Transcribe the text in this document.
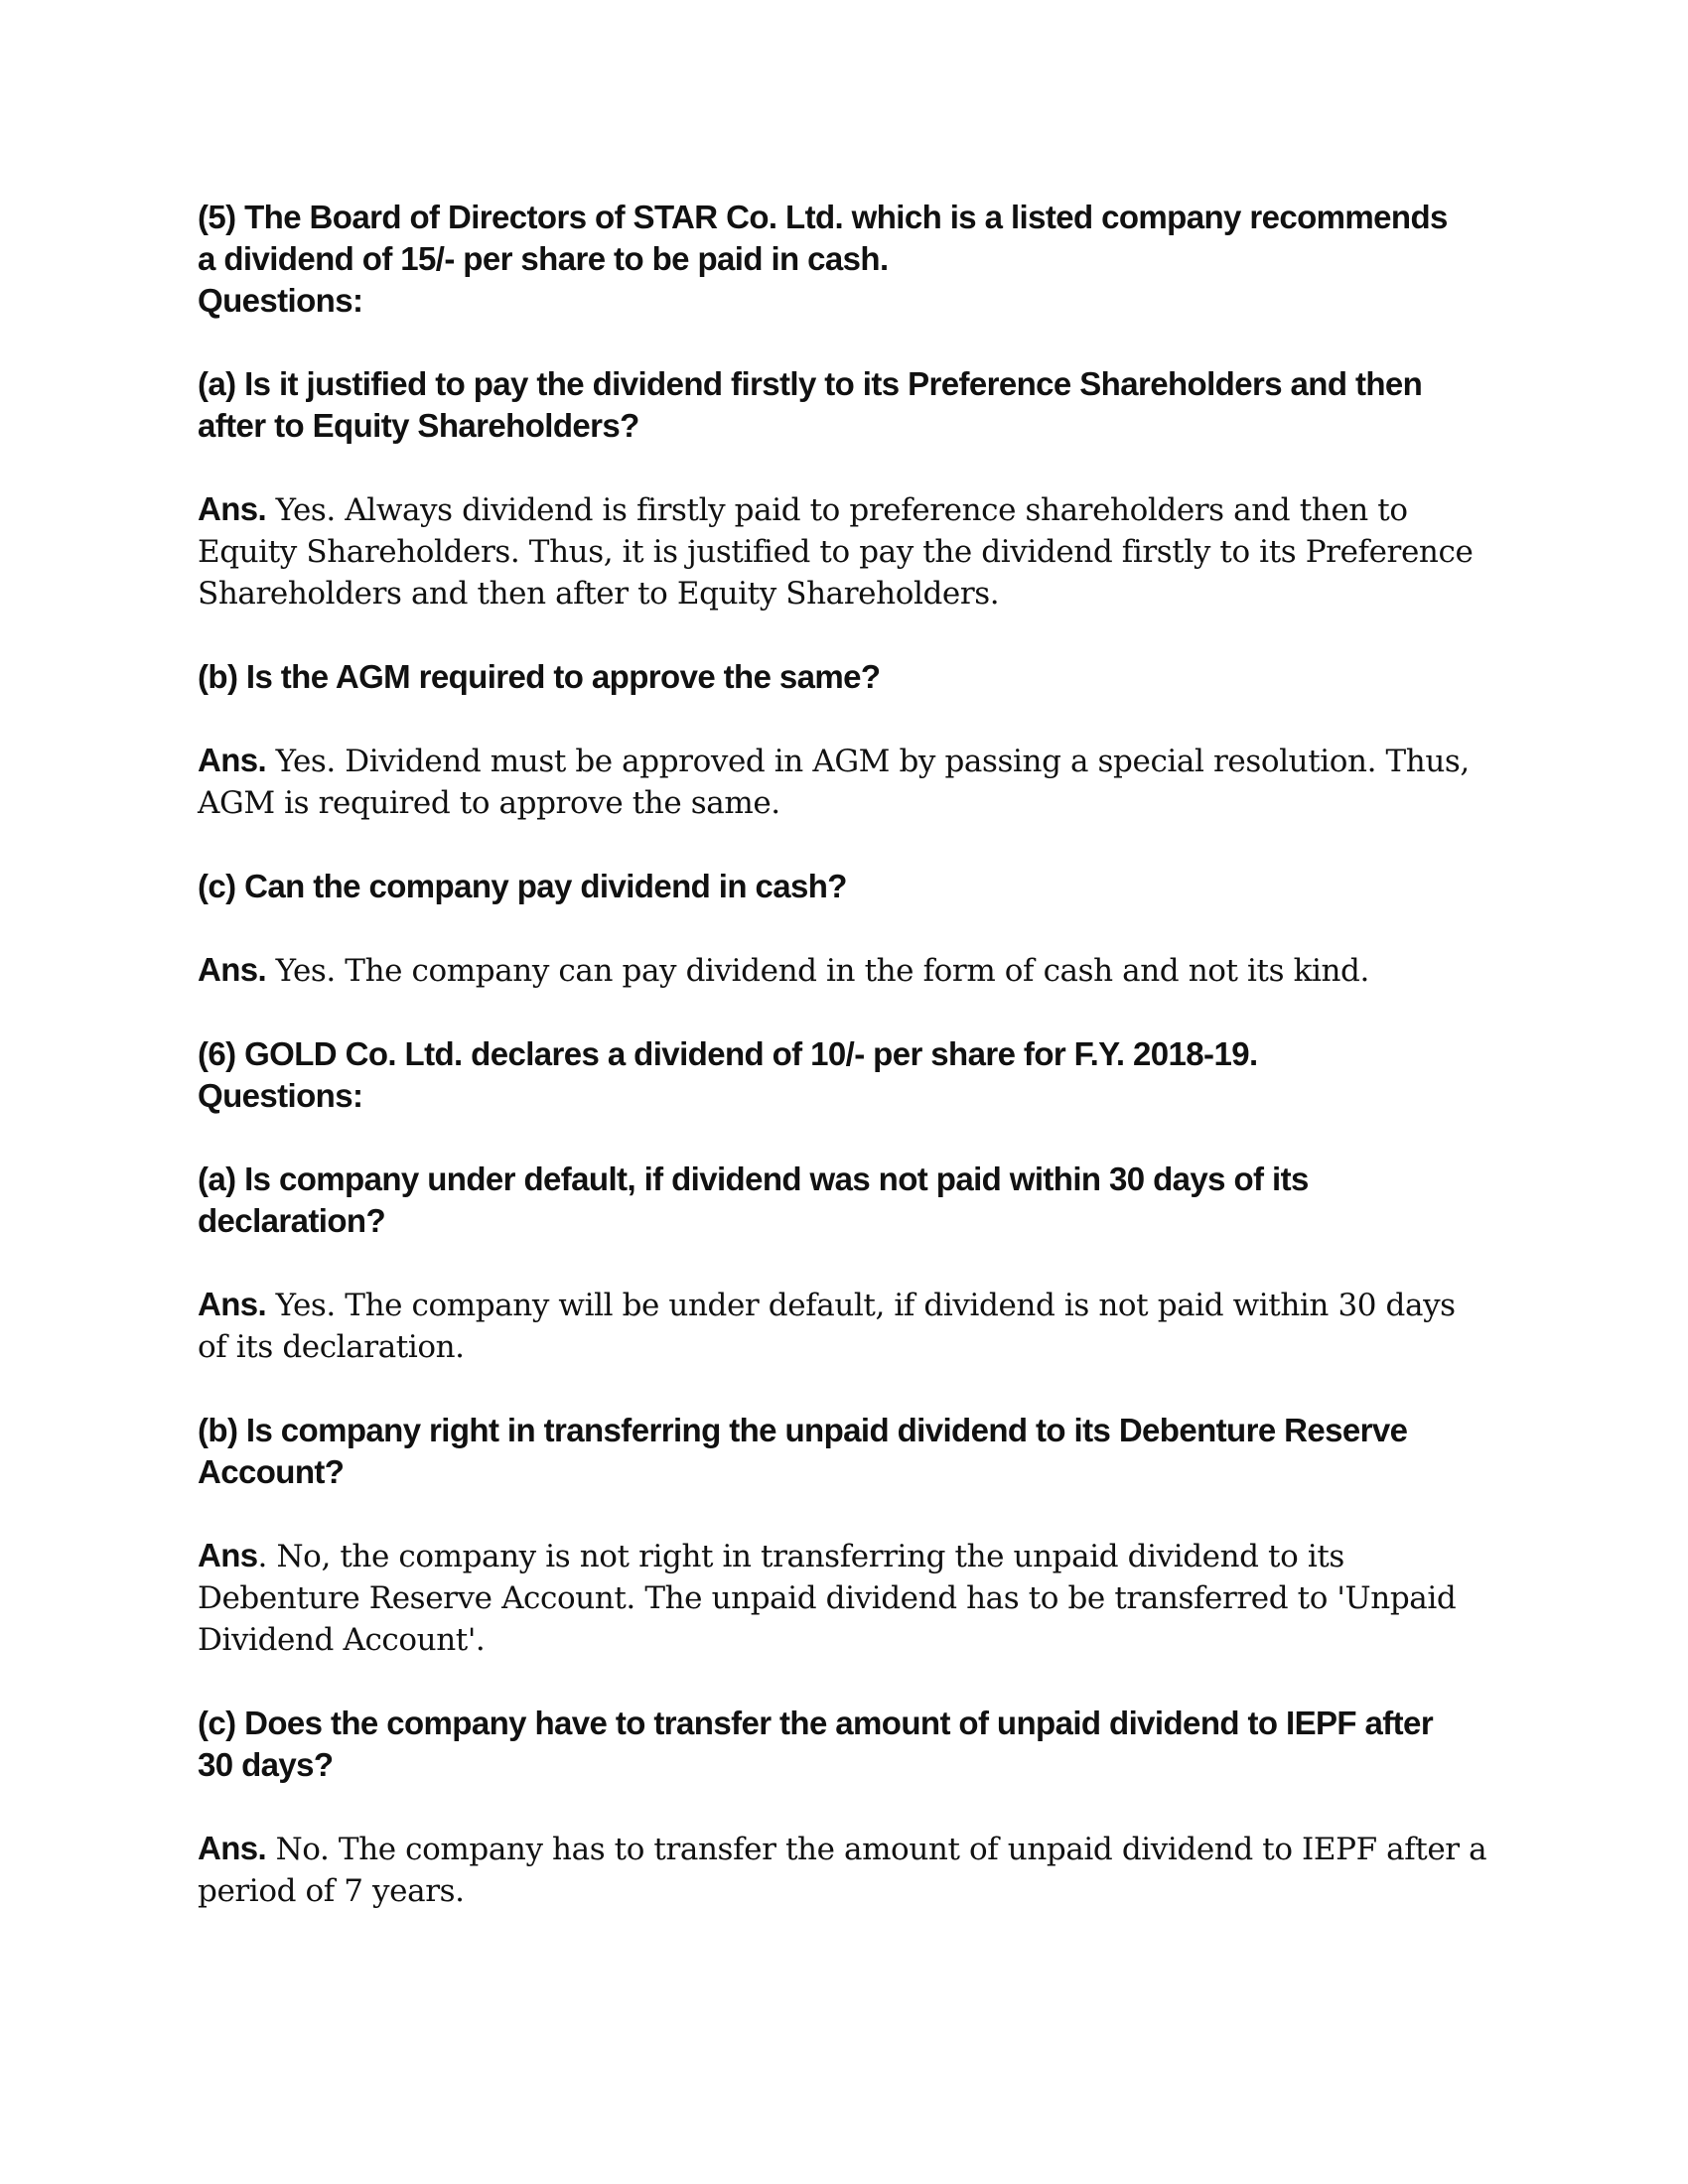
(5) The Board of Directors of STAR Co. Ltd. which is a listed company recommends

a dividend of 15/- per share to be paid in cash.

Questions:

(a) Is it justified to pay the dividend firstly to its Preference Shareholders and then

after to Equity Shareholders?

Ans. Yes. Always dividend is firstly paid to preference shareholders and then to

Equity Shareholders. Thus, it is justified to pay the dividend firstly to its Preference

Shareholders and then after to Equity Shareholders.

(b) Is the AGM required to approve the same?

Ans. Yes. Dividend must be approved in AGM by passing a special resolution. Thus,

AGM is required to approve the same.

(c) Can the company pay dividend in cash?

Ans. Yes. The company can pay dividend in the form of cash and not its kind.

(6) GOLD Co. Ltd. declares a dividend of 10/- per share for F.Y. 2018-19.

Questions:

(a) Is company under default, if dividend was not paid within 30 days of its

declaration?

Ans. Yes. The company will be under default, if dividend is not paid within 30 days

of its declaration.

(b) Is company right in transferring the unpaid dividend to its Debenture Reserve

Account?

Ans. No, the company is not right in transferring the unpaid dividend to its

Debenture Reserve Account. The unpaid dividend has to be transferred to 'Unpaid

Dividend Account'.

(c) Does the company have to transfer the amount of unpaid dividend to IEPF after

30 days?

Ans. No. The company has to transfer the amount of unpaid dividend to IEPF after a

period of 7 years.
